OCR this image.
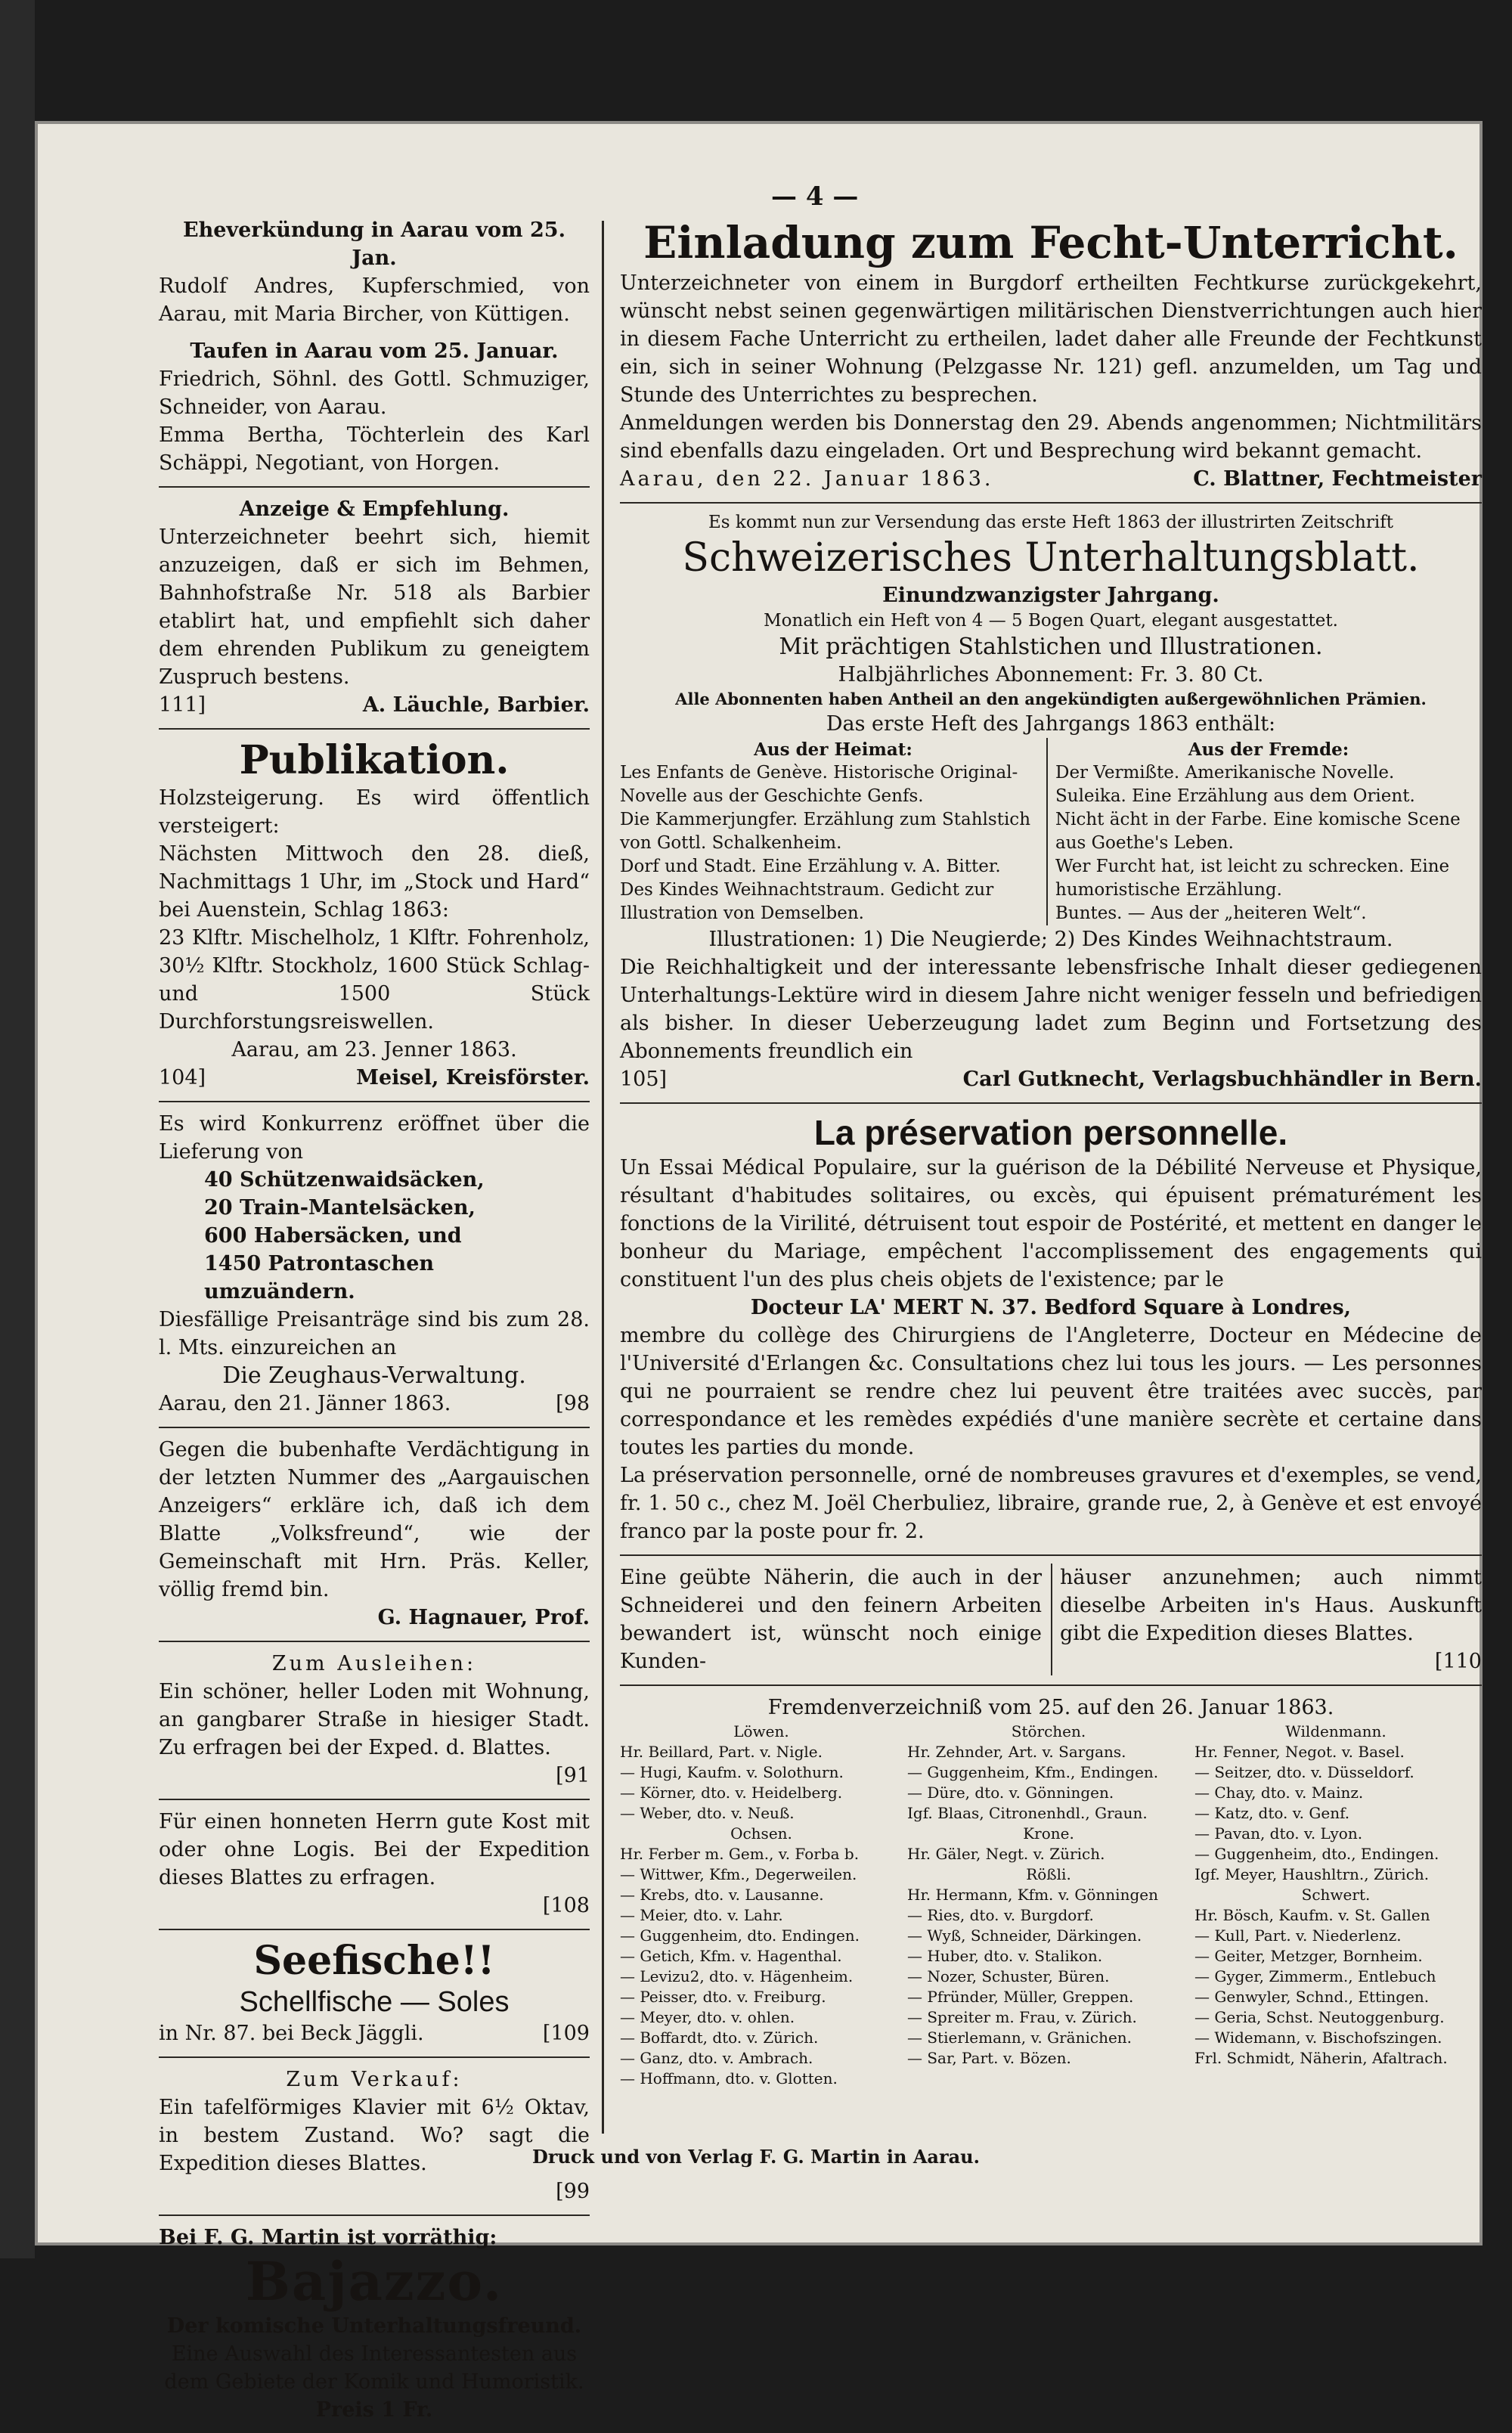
— 4 —
Eheverkündung in Aarau vom 25. Jan.
Rudolf Andres, Kupferschmied, von Aarau, mit Maria Bircher, von Küttigen.
Taufen in Aarau vom 25. Januar.
Friedrich, Söhnl. des Gottl. Schmuziger, Schneider, von Aarau.
Emma Bertha, Töchterlein des Karl Schäppi, Negotiant, von Horgen.
Anzeige & Empfehlung.
Unterzeichneter beehrt sich, hiemit anzuzeigen, daß er sich im Behmen, Bahnhofstraße Nr. 518 als Barbier etablirt hat, und empfiehlt sich daher dem ehrenden Publikum zu geneigtem Zuspruch bestens.
111]	A. Läuchle, Barbier.
Publikation.
Holzsteigerung. Es wird öffentlich versteigert:
Nächsten Mittwoch den 28. dieß, Nachmittags 1 Uhr, im „Stock und Hard“ bei Auenstein, Schlag 1863:
23 Klftr. Mischelholz, 1 Klftr. Fohrenholz, 30½ Klftr. Stockholz, 1600 Stück Schlag- und 1500 Stück Durchforstungsreiswellen.
Aarau, am 23. Jenner 1863.
104]	Meisel, Kreisförster.
Es wird Konkurrenz eröffnet über die Lieferung von
40 Schützenwaidsäcken,
20 Train-Mantelsäcken,
600 Habersäcken, und
1450 Patrontaschen umzuändern.
Diesfällige Preisanträge sind bis zum 28. l. Mts. einzureichen an
Die Zeughaus-Verwaltung.
Aarau, den 21. Jänner 1863.	[98
Gegen die bubenhafte Verdächtigung in der letzten Nummer des „Aargauischen Anzeigers“ erkläre ich, daß ich dem Blatte „Volksfreund“, wie der Gemeinschaft mit Hrn. Präs. Keller, völlig fremd bin.
G. Hagnauer, Prof.
Zum Ausleihen:
Ein schöner, heller Loden mit Wohnung, an gangbarer Straße in hiesiger Stadt. Zu erfragen bei der Exped. d. Blattes.
[91
Für einen honneten Herrn gute Kost mit oder ohne Logis. Bei der Expedition dieses Blattes zu erfragen.
[108
Seefische!!
Schellfische — Soles
in Nr. 87. bei Beck Jäggli.	[109
Zum Verkauf:
Ein tafelförmiges Klavier mit 6½ Oktav, in bestem Zustand. Wo? sagt die Expedition dieses Blattes.
[99
Bei F. G. Martin ist vorräthig:
Bajazzo.
Der komische Unterhaltungsfreund.
Eine Auswahl des Interessantesten aus dem Gebiete der Komik und Humoristik.
Preis 1 Fr.
Einladung zum Fecht-Unterricht.
Unterzeichneter von einem in Burgdorf ertheilten Fechtkurse zurückgekehrt, wünscht nebst seinen gegenwärtigen militärischen Dienstverrichtungen auch hier in diesem Fache Unterricht zu ertheilen, ladet daher alle Freunde der Fechtkunst ein, sich in seiner Wohnung (Pelzgasse Nr. 121) gefl. anzumelden, um Tag und Stunde des Unterrichtes zu besprechen.
Anmeldungen werden bis Donnerstag den 29. Abends angenommen; Nichtmilitärs sind ebenfalls dazu eingeladen. Ort und Besprechung wird bekannt gemacht.
Aarau, den 22. Januar 1863.	C. Blattner, Fechtmeister
Es kommt nun zur Versendung das erste Heft 1863 der illustrirten Zeitschrift
Schweizerisches Unterhaltungsblatt.
Einundzwanzigster Jahrgang.
Monatlich ein Heft von 4 — 5 Bogen Quart, elegant ausgestattet.
Mit prächtigen Stahlstichen und Illustrationen.
Halbjährliches Abonnement: Fr. 3. 80 Ct.
Alle Abonnenten haben Antheil an den angekündigten außergewöhnlichen Prämien.
Das erste Heft des Jahrgangs 1863 enthält:
Aus der Heimat:
Les Enfants de Genève. Historische Original-Novelle aus der Geschichte Genfs.
Die Kammerjungfer. Erzählung zum Stahlstich von Gottl. Schalkenheim.
Dorf und Stadt. Eine Erzählung v. A. Bitter.
Des Kindes Weihnachtstraum. Gedicht zur Illustration von Demselben.
Aus der Fremde:
Der Vermißte. Amerikanische Novelle.
Suleika. Eine Erzählung aus dem Orient.
Nicht ächt in der Farbe. Eine komische Scene aus Goethe's Leben.
Wer Furcht hat, ist leicht zu schrecken. Eine humoristische Erzählung.
Buntes. — Aus der „heiteren Welt“.
Illustrationen: 1) Die Neugierde; 2) Des Kindes Weihnachtstraum.
Die Reichhaltigkeit und der interessante lebensfrische Inhalt dieser gediegenen Unterhaltungs-Lektüre wird in diesem Jahre nicht weniger fesseln und befriedigen als bisher. In dieser Ueberzeugung ladet zum Beginn und Fortsetzung des Abonnements freundlich ein
105]	Carl Gutknecht, Verlagsbuchhändler in Bern.
La préservation personnelle.
Un Essai Médical Populaire, sur la guérison de la Débilité Nerveuse et Physique, résultant d'habitudes solitaires, ou excès, qui épuisent prématurément les fonctions de la Virilité, détruisent tout espoir de Postérité, et mettent en danger le bonheur du Mariage, empêchent l'accomplissement des engagements qui constituent l'un des plus cheis objets de l'existence; par le
Docteur LA' MERT N. 37. Bedford Square à Londres,
membre du collège des Chirurgiens de l'Angleterre, Docteur en Médecine de l'Université d'Erlangen &c. Consultations chez lui tous les jours. — Les personnes qui ne pourraient se rendre chez lui peuvent être traitées avec succès, par correspondance et les remèdes expédiés d'une manière secrète et certaine dans toutes les parties du monde.
La préservation personnelle, orné de nombreuses gravures et d'exemples, se vend, fr. 1. 50 c., chez M. Joël Cherbuliez, libraire, grande rue, 2, à Genève et est envoyé franco par la poste pour fr. 2.
Eine geübte Näherin, die auch in der Schneiderei und den feinern Arbeiten bewandert ist, wünscht noch einige Kunden-
häuser anzunehmen; auch nimmt dieselbe Arbeiten in's Haus. Auskunft gibt die Expedition dieses Blattes.
[110
Fremdenverzeichniß vom 25. auf den 26. Januar 1863.
Löwen.
Hr. Beillard, Part. v. Nigle.
— Hugi, Kaufm. v. Solothurn.
— Körner, dto. v. Heidelberg.
— Weber, dto. v. Neuß.
Ochsen.
Hr. Ferber m. Gem., v. Forba b.
— Wittwer, Kfm., Degerweilen.
— Krebs, dto. v. Lausanne.
— Meier, dto. v. Lahr.
— Guggenheim, dto. Endingen.
— Getich, Kfm. v. Hagenthal.
— Levizu2, dto. v. Hägenheim.
— Peisser, dto. v. Freiburg.
— Meyer, dto. v. ohlen.
— Boffardt, dto. v. Zürich.
— Ganz, dto. v. Ambrach.
— Hoffmann, dto. v. Glotten.
Störchen.
Hr. Zehnder, Art. v. Sargans.
— Guggenheim, Kfm., Endingen.
— Düre, dto. v. Gönningen.
Igf. Blaas, Citronenhdl., Graun.
Krone.
Hr. Gäler, Negt. v. Zürich.
Rößli.
Hr. Hermann, Kfm. v. Gönningen
— Ries, dto. v. Burgdorf.
— Wyß, Schneider, Därkingen.
— Huber, dto. v. Stalikon.
— Nozer, Schuster, Büren.
— Pfründer, Müller, Greppen.
— Spreiter m. Frau, v. Zürich.
— Stierlemann, v. Gränichen.
— Sar, Part. v. Bözen.
Wildenmann.
Hr. Fenner, Negot. v. Basel.
— Seitzer, dto. v. Düsseldorf.
— Chay, dto. v. Mainz.
— Katz, dto. v. Genf.
— Pavan, dto. v. Lyon.
— Guggenheim, dto., Endingen.
Igf. Meyer, Haushltrn., Zürich.
Schwert.
Hr. Bösch, Kaufm. v. St. Gallen
— Kull, Part. v. Niederlenz.
— Geiter, Metzger, Bornheim.
— Gyger, Zimmerm., Entlebuch
— Genwyler, Schnd., Ettingen.
— Geria, Schst. Neutoggenburg.
— Widemann, v. Bischofszingen.
Frl. Schmidt, Näherin, Afaltrach.
Druck und von Verlag F. G. Martin in Aarau.
